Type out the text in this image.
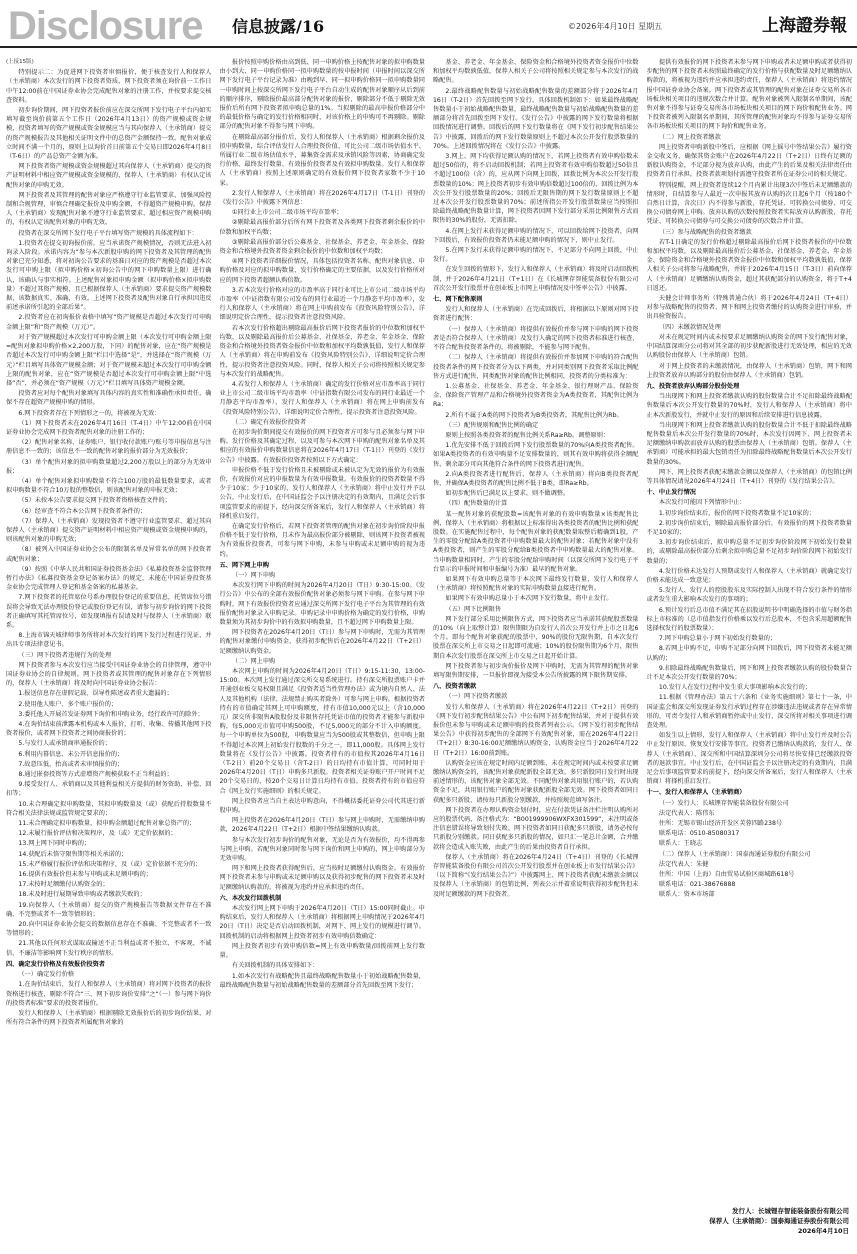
Disclosure 信息披露/16	©2026年4月10日 星期五	上海證券報

(上接15版)

特别提示二：为促进网下投资者审慎报价，便于核查发行人和保荐人（主承销商）本次发行的网下投资者资质，网下投资者须在询价前一工作日中午12:00前在中国证券业协会完成配售对象的注册工作，并按要求提交核查资料。

初步询价期间，网下投资者报价前应在深交所网下发行电子平台内如实填写截至询价前第五个工作日（2026年4月13日）的资产规模或资金规模，投资者填写的资产规模或资金规模应当与其向保荐人（主承销商）提交的资产规模报告及其他相关证明文件中的总资产金额保持一致。配售对象成立时间不满一个月的，原则上以询价首日前第五个交易日即2026年4月8日（T-6日）的产品总资产金额为准。

网下投资者资产规模或资金规模超过其向保荐人（主承销商）提交的资产证明材料中相应资产规模或资金规模的，保荐人（主承销商）有权认定该配售对象的申购无效。

网下投资者及其管理的配售对象应严格遵守行业监管要求，加强风险控制和合规管理，审慎合理确定报价及申购金额，不得超资产规模申购。保荐人（主承销商）发现配售对象不遵守行业监管要求、超过相应资产规模申购的，有权认定该配售对象的申购无效。

投资者在深交所网下发行电子平台填写资产规模的具体流程如下：

1.投资者在提交初询报价前，应当承诺资产规模情况，否则无法进入初询录入阶段。承诺内容为“参与本次新股申购的网下投资者及其管理的配售对象已充分知悉，将对初询公告要求的基准日对应的资产规模是否超过本次发行可申购上限（拟申购价格×初询公告中的网下申购数量上限）进行确认，该确认与事实相符。上述配售对象拟申购金额（拟申购价格×拟申购数量）不超过其资产规模，且已根据保荐人（主承销商）要求提交资产规模数据，该数据真实、准确、有效。上述网下投资者及配售对象自行承担因违反前述承诺所引起的全部后果”。

2.投资者应在初询报价表格中填写“资产规模是否超过本次发行可申购金额上限”和“资产规模（万元）”。

对于资产规模超过本次发行可申购金额上限（本次发行可申购金额上限=配售对象拟申购价格×2,200万股，下同）的配售对象，应在“资产规模是否超过本次发行可申购金额上限”栏目中选择“是”，并选择在“资产规模（万元）”栏目填写具体资产规模金额；对于资产规模未超过本次发行可申购金额上限的配售对象，应在“资产规模是否超过本次发行可申购金额上限”中选择“否”，并必须在“资产规模（万元）”栏目填写具体资产规模金额。

投资者应对每个配售对象填写具体内容的真实性和准确性承担责任，确保不存在超资产规模申购的情形。

6.网下投资者存在下列情形之一的，将被视为无效：

（1）网下投资者未在2026年4月16日（T-4日）中午12:00前在中国证券业协会完成网下投资者配售对象的注册工作的；

（2）配售对象名称、证券账户、银行收付款账户/账号等申报信息与注册信息不一致的；该信息不一致的配售对象的报价部分为无效报价；

（3）单个配售对象的拟申购数量超过2,200万股以上的部分为无效申报；

（4）单个配售对象拟申购数量不符合100万股的最低数量要求，或者拟申购数量不符合10万股的整数倍，则该配售对象的申报无效；

（5）未按本公告要求提交网下投资者资格核查文件的；

（6）经审查不符合本公告网下投资者条件的；

（7）保荐人（主承销商）发现投资者不遵守行业监管要求，超过其向保荐人（主承销商）提交资产证明材料中相应资产规模或资金规模申购的，则该配售对象的申购无效；

（8）被列入中国证券业协会公布的限制名单及异常名单的网下投资者或配售对象；

（9）按照《中华人民共和国证券投资基金法》《私募投资基金监督管理暂行办法》《私募投资基金登记备案办法》的规定，未能在中国证券投资基金业协会完成管理人登记和基金备案的私募基金。

7.网下投资者的托管席位号系办理股份登记的重要信息，托管席位号错误将会导致无法办理股份登记或股份登记有误，请参与初步询价的网下投资者正确填写其托管席位号，如发现填报有误请及时与保荐人（主承销商）联系。

8.上海市锦天城律师事务所将对本次发行的网下发行过程进行见证，并出具专项法律意见书。

（三）网下投资者违规行为的处理

网下投资者参与本次发行应当接受中国证券业协会的自律管理，遵守中国证券业协会的自律规则。网下投资者或其管理的配售对象存在下列情形的，保荐人（主承销商）将及时向中国证券业协会报告：

1.报送信息存在虚假记载、误导性陈述或者重大遗漏的；

2.使用他人账户、多个账户报价的；

3.委托他人开展首发证券网下询价和申购业务，经行政许可的除外；

4.在询价结束前泄露本机构或本人报价，打听、收集、传播其他网下投资者报价，或者网下投资者之间协商报价的；

5.与发行人或承销商串通报价的；

6.利用内幕信息、未公开信息报价的；

7.故意压低、抬高或者未审慎报价的；

8.通过嵌套投资等方式虚增资产规模获取不正当利益的；

9.接受发行人、承销商以及其他利益相关方提供的财务资助、补偿、回扣等；

10.未合理确定拟申购数量，其拟申购数量及（或）获配后持股数量不符合相关法律法规或监管规定要求的；

11.未合理确定拟申购数量，拟申购金额超过配售对象总资产的；

12.未履行报价评估和决策程序，及（或）无定价依据的；

13.网上网下同时申购的；

14.获配后未恪守限售期等相关承诺的；

15.未严格履行报价评估和决策程序，及（或）定价依据不充分的；

16.提供有效报价但未参与申购或未足额申购的；

17.未按时足额缴付认购资金的；

18.未及时进行展期导致申购或者缴款失败的；

19.向保荐人（主承销商）提交的资产规模报告等数据文件存在不准确、不完整或者不一致等情形的；

20.向中国证券业协会提交的数据信息存在不准确、不完整或者不一致等情形的；

21.其他以任何形式谋取或输送不正当利益或者不独立、不客观、不诚信、不廉洁等影响网下发行秩序的情形。

四、确定发行价格及有效报价投资者

（一）确定发行价格

1.在询价结束后，发行人和保荐人（主承销商）将对网下投资者的报价资格进行核查，剔除不符合“三、网下初步询价安排”之“（一）参与网下询价的投资者标准”要求的投资者报价。

发行人和保荐人（主承销商）根据剔除无效报价后的初步询价结果，对所有符合条件的网下投资者所属配售对象的

报价按照申购价格由高到低、同一申购价格上按配售对象的拟申购数量由小到大、同一申购价格同一拟申购数量的按申报时间（申报时间以深交所网下发行电子平台记录为准）由晚到早、同一拟申购价格同一拟申购数量同一申购时间上按深交所网下发行电子平台自动生成的配售对象顺序从后到前的顺序排序，剔除报价最高部分配售对象的报价，剔除部分不低于剔除无效报价后所有网下投资者拟申购总量的1%。当拟剔除的最高申报价格部分中的最低价格与确定的发行价格相同时，对该价格上的申购可不再剔除。剔除部分的配售对象不得参与网下申购。

在剔除最高部分报价后，发行人和保荐人（主承销商）根据剩余报价及拟申购数量，综合评估发行人合理投资价值、可比公司二级市场估值水平、所属行业二级市场估值水平、募集资金需求及承销风险等因素，协商确定发行价格、最终发行数量、有效报价投资者及有效拟申购数量。发行人和保荐人（主承销商）按照上述原则确定的有效报价网下投资者家数不少于10家。

2.发行人和保荐人（主承销商）将在2026年4月17日（T-1日）刊登的《发行公告》中披露下列信息：

①同行业上市公司二级市场平均市盈率；

②剔除最高报价部分后所有网下投资者及各类网下投资者剩余报价的中位数和加权平均数；

③剔除最高报价部分后公募基金、社保基金、养老金、年金基金、保险资金和合格境外投资者资金剩余报价的中位数和加权平均数；

④网下投资者详细报价情况，具体包括投资者名称、配售对象信息、申购价格及对应的拟申购数量、发行价格确定的主要依据，以及发行价格所对应的网下投资者超额认购倍数。

3.若本次发行价格对应的市盈率高于同行业可比上市公司二级市场平均市盈率（中证指数有限公司发布的同行业最近一个月静态平均市盈率），发行人和保荐人（主承销商）将在网上申购前发布《投资风险特别公告》，详细说明定价合理性，提示投资者注意投资风险。

若本次发行价格超出剔除最高报价后网下投资者报价的中位数和加权平均数，以及剔除最高报价后公募基金、社保基金、养老金、年金基金、保险资金和合格境外投资者资金报价中位数和加权平均数孰低值，发行人和保荐人（主承销商）将在申购前发布《投资风险特别公告》，详细说明定价合理性，提示投资者注意投资风险。同时，保荐人相关子公司将按照相关规定参与本次发行的战略配售。

4.若发行人和保荐人（主承销商）确定的发行价格对应市盈率高于同行业上市公司二级市场平均市盈率（中证指数有限公司发布的同行业最近一个月静态平均市盈率），发行人和保荐人（主承销商）将在网上申购前发布《投资风险特别公告》，详细说明定价合理性，提示投资者注意投资风险。

（二）确定有效报价投资者

在初步询价期间提交有效报价的网下投资者方可参与且必须参与网下申购。发行价格及其确定过程，以及可参与本次网下申购的配售对象名单及其相应的有效报价申购数量信息将在2026年4月17日（T-1日）刊登的《发行公告》中披露。有效报价投资者按照以下方式确定：

申报价格不低于发行价格且未被剔除或未被认定为无效的报价为有效报价，有效报价对应的申报数量为有效申报数量。有效报价的投资者数量不得少于10家；少于10家的，发行人和保荐人（主承销商）将中止发行并予以公告，中止发行后，在中国证监会予以注册决定的有效期内，且满足会后事项监管要求的前提下，经向深交所备案后，发行人和保荐人（主承销商）将择机重启发行。

在确定发行价格后，若网下投资者管理的配售对象在初步询价阶段申报价格不低于发行价格，且未作为最高报价部分被剔除，则该网下投资者被视为有效报价投资者，可参与网下申购，未参与申购或未足额申购的视为违约。

五、网下网上申购

（一）网下申购

本次发行网下申购的时间为2026年4月20日（T日）9:30-15:00。《发行公告》中公布的全部有效报价配售对象必须参与网下申购。在参与网下申购时，网下有效报价投资者应通过深交所网下发行电子平台为其管理的有效报价配售对象录入申购记录。申购记录中申购价格为确定的发行价格，申购数量须为其初步询价中的有效拟申购数量，且不超过网下申购数量上限。

网下投资者在2026年4月20日（T日）参与网下申购时，无需为其管理的配售对象缴付申购资金，获得初步配售后在2026年4月22日（T+2日）足额缴纳认购资金。

（二）网上申购

本次网上申购的时间为2026年4月20日（T日）9:15-11:30，13:00-15:00。本次网上发行通过深交所交易系统进行。持有深交所股票账户卡并开通创业板交易权限且满足《投资者适当性管理办法》或为境内自然人、法人及其他机构（法律、法规禁止购买者除外）可参与网上申购。根据投资者持有的市值确定其网上可申购额度，持有市值10,000元以上（含10,000元）深交所非限售A股股份及非限售存托凭证市值的投资者才能参与新股申购，每5,000元市值可申购500股，不足5,000元的部分不计入申购额度。每一个申购单位为500股，申购数量应当为500股或其整数倍，但申购上限不得超过本次网上初始发行股数的千分之一，即11,000股。具体网上发行数量将在《发行公告》中披露。投资者持有的市值按其2026年4月16日（T-2日）前20个交易日（含T-2日）的日均持有市值计算，可同时用于2026年4月20日（T日）申购多只新股。投资者相关证券账户开户时间不足20个交易日的，按20个交易日计算日均持有市值。投资者持有的市值应符合《网上发行实施细则》的相关规定。

网上投资者应当自主表达申购意向，不得概括委托证券公司代其进行新股申购。

网上投资者在2026年4月20日（T日）参与网上申购时，无需缴纳申购款，2026年4月22日（T+2日）根据中签结果缴纳认购款。

参与本次发行初步询价的配售对象，无论是否为有效报价，均不得再参与网上申购。若配售对象同时参与网下询价和网上申购的，网上申购部分为无效申购。

网下和网上投资者获得配售后，应当按时足额缴付认购资金。有效报价网下投资者未参与申购或未足额申购以及获得初步配售的网下投资者未及时足额缴纳认购款的，将被视为违约并应承担违约责任。

六、本次发行回拨机制

本次发行网上网下申购于2026年4月20日（T日）15:00同时截止。申购结束后，发行人和保荐人（主承销商）将根据网上申购情况于2026年4月20日（T日）决定是否启动回拨机制，对网下、网上发行的规模进行调节。回拨机制的启动将根据网上投资者初步有效申购倍数确定：

网上投资者初步有效申购倍数=网上有效申购数量/回拨前网上发行数量。

有关回拨机制的具体安排如下：

1.如本次发行有战略配售且最终战略配售数量小于初始战略配售数量，最终战略配售数量与初始战略配售数量的差额部分首先回拨至网下发行；

基金、养老金、年金基金、保险资金和合格境外投资者资金报价中位数和加权平均数孰低值，保荐人相关子公司将按照相关规定参与本次发行的战略配售。

2.最终战略配售数量与初始战略配售数量的差额部分将于2026年4月16日（T-2日）首先回拨至网下发行，具体回拨机制如下：如果最终战略配售数量小于初始战略配售数量，最终战略配售数量与初始战略配售数量的差额部分将首先回拨至网下发行。《发行公告》中披露的网下发行数量将根据回拨情况进行调整。回拨后的网下发行数量将在《网下发行初步配售结果公告》中披露，回拨后的网下发行数量原则上不超过本次公开发行股票数量的70%。上述回拨情况将在《发行公告》中披露。

3.网上、网下均获得足额认购的情况下，若网上投资者有效申购倍数未超过50倍的，将不启动回拨机制；若网上投资者有效申购倍数超过50倍且不超过100倍（含）的，应从网下向网上回拨，回拨比例为本次公开发行股票数量的10%；网上投资者初步有效申购倍数超过100倍的，回拨比例为本次公开发行股票数量的20%；回拨后无限售期的网下发行数量原则上不超过本次公开发行股票数量的70%；前述所指公开发行股票数量应当按照扣除最终战略配售数量计算，网下投资者因网下发行部分采用比例限售方式而限售的30%的股份，无需扣除。

4.在网上发行未获得足额申购的情况下，可以回拨给网下投资者，向网下回拨后，有效报价投资者仍未能足额申购的情况下，则中止发行。

5.在网下发行未获得足额申购的情况下，不足部分不向网上回拨，中止发行。

在发生回拨的情形下，发行人和保荐人（主承销商）将及时启动回拨机制，并于2026年4月21日（T+1日）在《长城锂存智能装备股份有限公司首次公开发行股票并在创业板上市网上申购情况及中签率公告》中披露。

七、网下配售原则

发行人和保荐人（主承销商）在完成回拨后，将根据以下原则对网下投资者进行配售：

（一）保荐人（主承销商）将提供有效报价并参与网下申购的网下投资者是否符合保荐人（主承销商）及发行人确定的网下投资者标准进行核查，不符合配售投资者条件的，将被剔除，不能参与网下配售。

（二）保荐人（主承销商）将提供有效报价并参加网下申购的符合配售投资者条件的网下投资者分为以下两类，并对同类别网下投资者采取比例配售方式进行配售，同类配售对象的配售比例相同，投资者的分类标准为：

1.公募基金、社保基金、养老金、年金基金、银行理财产品、保险资金、保险资产管理产品和合格境外投资者资金为A类投资者，其配售比例为Ra；

2.所有不属于A类的网下投资者为B类投资者，其配售比例为Rb。

（三）配售规则和配售比例的确定

原则上按照各类投资者的配售比例关系Ra≥Rb。调整原则：

1.优先安排不低于回拨后网下发行股票数量的70%向A类投资者配售。如果A类投资者的有效申购量不足安排数量的，则其有效申购将获得全额配售，剩余部分可向其他符合条件的网下投资者进行配售。

2.向A类投资者进行配售后，保荐人（主承销商）将向B类投资者配售，并确保A类投资者的配售比例不低于B类，即Ra≥Rb。

如初步配售后已满足以上要求，则不做调整。

（四）配售数量的计算

某一配售对象的获配股数=该配售对象的有效申购数量×该类配售比例，保荐人（主承销商）将根据以上标准得出各类投资者的配售比例和获配股数。在实施配售过程中，每个配售对象的获配数量取整后精确到1股，产生的零股分配给A类投资者中申购数量最大的配售对象；若配售对象中没有A类投资者，则产生的零股分配给B类投资者中申购数量最大的配售对象。当申购数量相同时，产生的零股分配给申购时间（以深交所网下发行电子平台显示的申报时间和申报编号为准）最早的配售对象。

如果网下有效申购总量等于本次网下最终发行数量，发行人和保荐人（主承销商）将按照配售对象的实际申购数量直接进行配售。

如果网下有效申购总量小于本次网下发行数量，将中止发行。

（五）网下比例限售

网下发行部分采用比例限售方式，网下投资者应当承诺其获配股票数量的10%（向上取整计算）限售期限为自发行人首次公开发行并上市之日起6个月。即每个配售对象获配的股票中，90%的股份无限售期，自本次发行股票在深交所上市交易之日起即可流通；10%的股份限售期为6个月，限售期自本次发行股票在深交所上市交易之日起开始计算。

网下投资者参与初步询价报价及网下申购时，无需为其管理的配售对象填写限售期安排，一旦报价即视为接受本公告所披露的网下限售期安排。

八、投资者缴款

（一）网下投资者缴款

发行人和保荐人（主承销商）将在2026年4月22日（T+2日）刊登的《网下发行初步配售结果公告》中公布网下初步配售结果，并对于提供有效报价但未参与申购或未足额申购的投资者列表公示。《网下发行初步配售结果公告》中获得初步配售的全部网下有效配售对象，需在2026年4月22日（T+2日）8:30-16:00足额缴纳认购资金，认购资金应当于2026年4月22日（T+2日）16:00前到账。

认购资金应该在规定时间内足额到账，未在规定时间内或未按要求足额缴纳认购资金的，该配售对象获配新股全部无效。多只新股同日发行时出现前述情形的，该配售对象全部无效。不同配售对象共用银行账户的，若认购资金不足，共用银行账户的配售对象获配新股全部无效。网下投资者如同日获配多只新股，请按每只新股分别缴款，并按照规范填写备注。

网下投资者在办理认购资金划付时，应在付款凭证备注栏注明认购所对应的股票代码，备注格式为：“B001999906WXFX301599”，未注明或备注信息错误将导致划付失败。网下投资者如同日获配多只新股，请务必按每只新股分别缴款。同日获配多只新股的情况，如只汇一笔总计金额，合并缴款将会造成入账失败，由此产生的后果由投资者自行承担。

保荐人（主承销商）将在2026年4月24日（T+4日）刊登的《长城锂存智能装备股份有限公司首次公开发行股票并在创业板上市发行结果公告》（以下简称“《发行结果公告》”）中披露网上、网下投资者获配未缴款金额以及保荐人（主承销商）的包销比例，列表公示并着重说明获得初步配售但未及时足额缴款的网下投资者。

提供有效报价的网下投资者未参与网下申购或者未足额申购或者获得初步配售的网下投资者未按照最终确定的发行价格与获配数量及时足额缴纳认购款的，将被视为违约并应承担违约责任，保荐人（主承销商）将违约情况报中国证券业协会备案。网下投资者或其管理的配售对象在证券交易所各市场板块相关项目的违规次数合并计算。配售对象被列入限制名单期间，该配售对象不得参与证券交易所各市场板块相关项目的网下询价和配售业务。网下投资者被列入限制名单期间，其所管理的配售对象均不得参与证券交易所各市场板块相关项目的网下询价和配售业务。

（二）网上投资者缴款

网上投资者申购新股中签后，应根据《网上摇号中签结果公告》履行资金交收义务，确保其资金账户在2026年4月22日（T+2日）日终有足额的新股认购资金，不足部分视为放弃认购，由此产生的后果及相关法律责任由投资者自行承担。投资者款项划付需遵守投资者所在证券公司的相关规定。

特别提醒，网上投资者连续12个月内累计出现3次中签后未足额缴款的情形时，自结算参与人最近一次申报其放弃认购的次日起6个月（按180个自然日计算，含次日）内不得参与新股、存托凭证、可转换公司债券、可交换公司债券网上申购。放弃认购的次数按照投资者实际放弃认购新股、存托凭证、可转换公司债券与可交换公司债券的次数合并计算。

（三）参与战略配售的投资者缴款

若T-1日确定的发行价格超过剔除最高报价后网下投资者报价的中位数和加权平均数，以及剔除最高报价后公募基金、社保基金、养老金、年金基金、保险资金和合格境外投资者资金报价中位数和加权平均数孰低值，保荐人相关子公司将参与战略配售，并将于2026年4月15日（T-3日）前向保荐人（主承销商）足额缴纳认购资金，超过其获配部分的认购资金，将于T+4日返还。

天健会计师事务所（特殊普通合伙）将于2026年4月24日（T+4日）对参与战略配售的投资者、网下和网上投资者缴付的认购资金进行审验，并出具验资报告。

（四）未缴款情况处理

对未在规定时间内或未按要求足额缴纳认购资金的网下发行配售对象，中国结算深圳分公司将对其全部的初步获配新股进行无效处理，相应的无效认购股份由保荐人（主承销商）包销。

对于网上投资者的未缴款情况，由保荐人（主承销商）包销，网下和网上投资者放弃认购部分的股份由保荐人（主承销商）包销。

九、投资者放弃认购部分股份处理

当出现网下和网上投资者缴款认购的股份数量合计不足扣除最终战略配售数量后本次公开发行数量的70%时，发行人和保荐人（主承销商）将中止本次新股发行，并就中止发行的原因和后续安排进行信息披露。

当出现网下和网上投资者缴款认购的股份数量合计不低于扣除最终战略配售数量后本次公开发行数量的70%时，本次发行因网下、网上投资者未足额缴纳申购款而放弃认购的股票由保荐人（主承销商）包销。保荐人（主承销商）可能承担的最大包销责任为扣除最终战略配售数量后本次公开发行数量的30%。

网下、网上投资者获配未缴款金额以及保荐人（主承销商）的包销比例等具体情况请见2026年4月24日（T+4日）刊登的《发行结果公告》。

十、中止发行情况

本次发行可能因下列情形中止：

1.初步询价结束后，报价的网下投资者数量不足10家的；

2.初步询价结束后，剔除最高报价部分后，有效报价的网下投资者数量不足10家的；

3.初步询价结束后，拟申购总量不足初步询价阶段网下初始发行数量的，或剔除最高报价部分后剩余拟申购总量不足初步询价阶段网下初始发行数量的；

4.发行价格未达发行人预期或发行人和保荐人（主承销商）就确定发行价格未能达成一致意见；

5.发行人、发行人的控股股东及实际控制人出现不符合发行条件的情形或者发生重大影响本次发行的事项的；

6.预计发行后总市值不满足其在招股说明书中明确选择的市值与财务指标上市标准的（总市值指发行价格乘以发行后总股本，不包含采用超额配售选择权发行的股票数量）；

7.网下申购总量小于网下初始发行数量的；

8.若网上申购不足，申购不足部分向网下回拨后，网下投资者未能足额认购的；

9.扣除最终战略配售数量后，网下和网上投资者缴款认购的股份数量合计不足本次公开发行数量的70%；

10.发行人在发行过程中发生重大事项影响本次发行的；

11.根据《管理办法》第五十六条和《业务实施细则》第七十一条，中国证监会和深交所发现证券发行承销过程存在涉嫌违法违规或者存在异常情形的，可责令发行人和承销商暂停或中止发行，深交所将对相关事项进行调查处理。

如发生以上情形，发行人和保荐人（主承销商）将中止发行并及时公告中止发行原因、恢复发行安排等事宜。投资者已缴纳认购款的，发行人、保荐人（主承销商）、深交所和中国结算深圳分公司将尽快安排已经缴款投资者的退款事宜。中止发行后，在中国证监会予以注册决定的有效期内，且满足会后事项监管要求的前提下，经向深交所备案后，发行人和保荐人（主承销商）将择机重启发行。

十一、发行人和保荐人（主承销商）

（一）发行人：长城锂存智能装备股份有限公司

法定代表人：陈伟东

住所：无锡市锡山经济开发区芙蓉四路238号

联系电话：0510-85080317

联系人：王晓志

（二）保荐人（主承销商）：国泰海通证券股份有限公司

法定代表人：朱健

住所：中国（上海）自由贸易试验区商城路618号

联系电话：021-38676888

联系人：资本市场部

发行人：长城锂存智能装备股份有限公司
保荐人（主承销商）：国泰海通证券股份有限公司
2026年4月10日
